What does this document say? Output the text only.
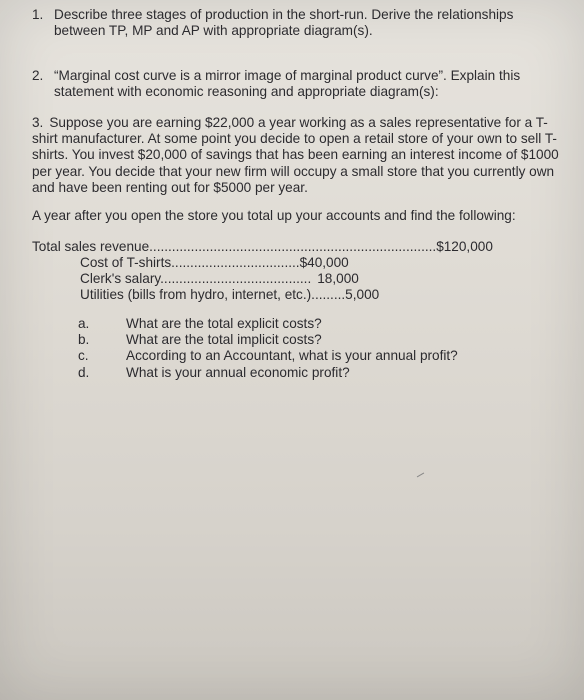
1. Describe three stages of production in the short-run. Derive the relationships between TP, MP and AP with appropriate diagram(s).
2. “Marginal cost curve is a mirror image of marginal product curve”. Explain this statement with economic reasoning and appropriate diagram(s):
3. Suppose you are earning $22,000 a year working as a sales representative for a T-shirt manufacturer. At some point you decide to open a retail store of your own to sell T-shirts. You invest $20,000 of savings that has been earning an interest income of $1000 per year. You decide that your new firm will occupy a small store that you currently own and have been renting out for $5000 per year.
A year after you open the store you total up your accounts and find the following:
Total sales revenue............................................................................$120,000
Cost of T-shirts..................................$40,000
Clerk's salary........................................ 18,000
Utilities (bills from hydro, internet, etc.).........5,000
a.	What are the total explicit costs?
b.	What are the total implicit costs?
c.	According to an Accountant, what is your annual profit?
d.	What is your annual economic profit?
